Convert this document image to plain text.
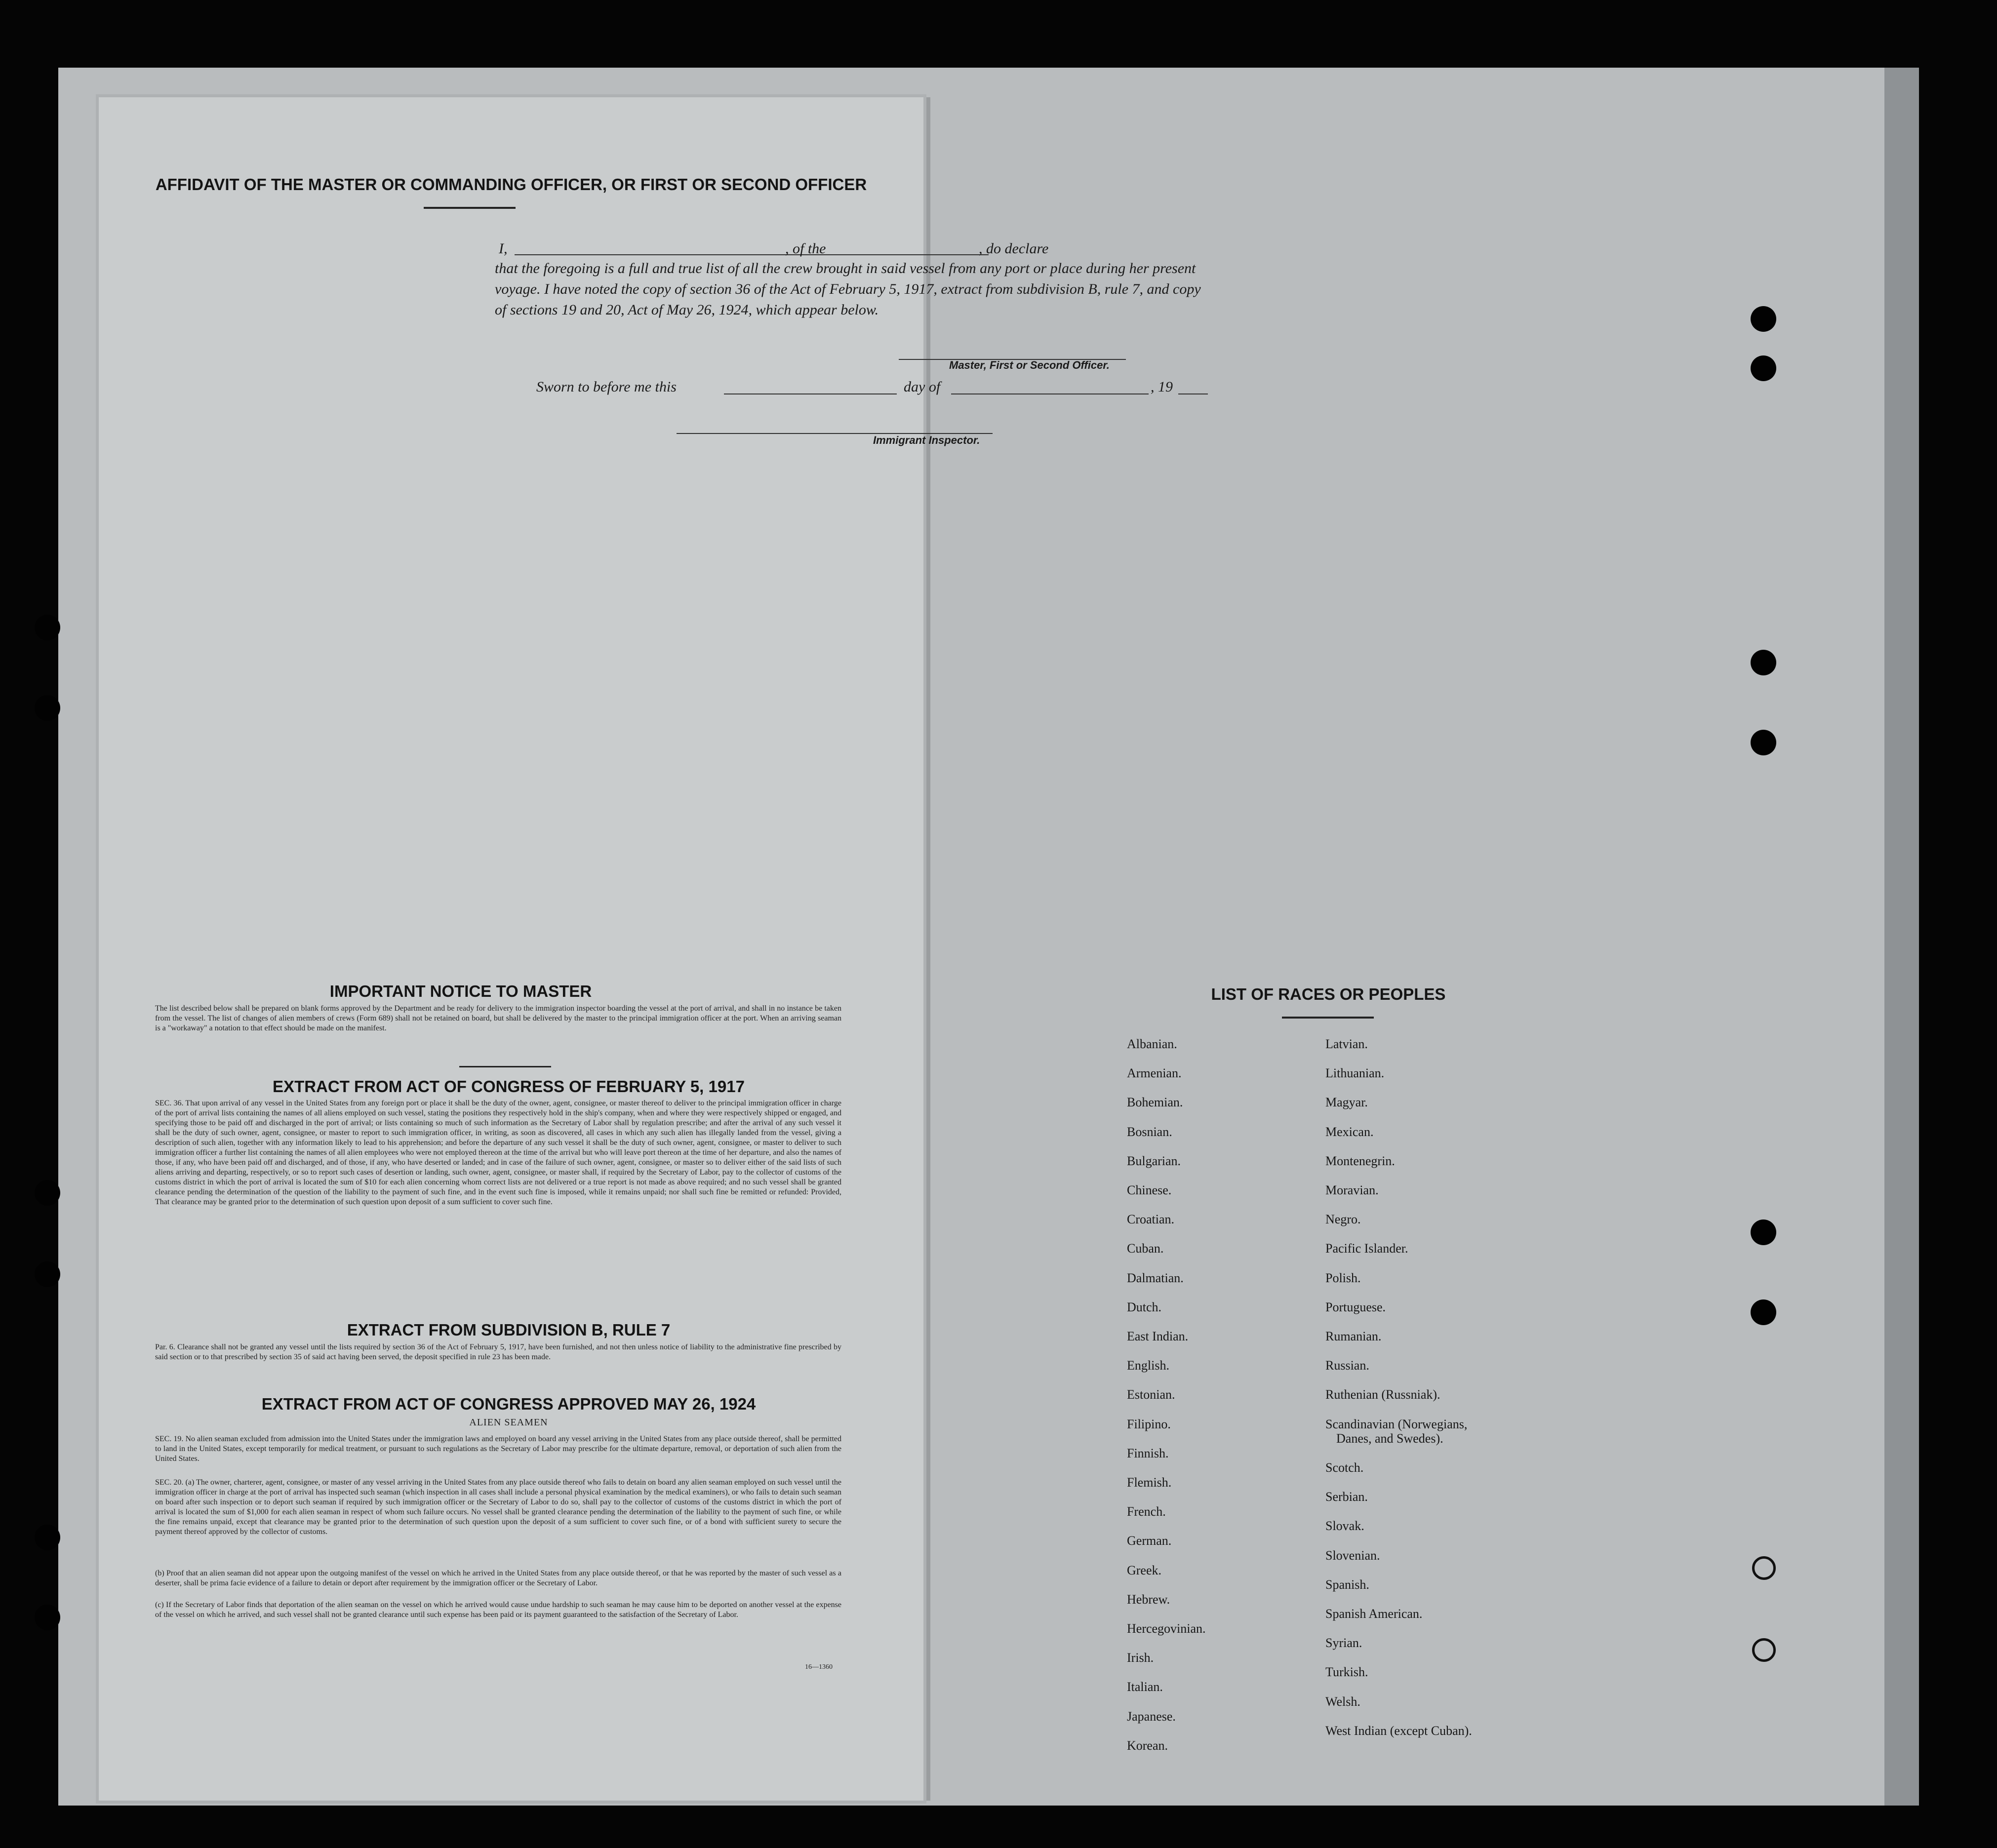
AFFIDAVIT OF THE MASTER OR COMMANDING OFFICER, OR FIRST OR SECOND OFFICER
I,	, of the	, do declare
that the foregoing is a full and true list of all the crew brought in said vessel from any port or place during her present
voyage. I have noted the copy of section 36 of the Act of February 5, 1917, extract from subdivision B, rule 7, and copy
of sections 19 and 20, Act of May 26, 1924, which appear below.
Master, First or Second Officer.
Sworn to before me this	day of	, 19
Immigrant Inspector.
IMPORTANT NOTICE TO MASTER
The list described below shall be prepared on blank forms approved by the Department and be ready for delivery to the immigration inspector boarding the vessel at the port of arrival, and shall in no instance be taken from the vessel. The list of changes of alien members of crews (Form 689) shall not be retained on board, but shall be delivered by the master to the principal immigration officer at the port. When an arriving seaman is a "workaway" a notation to that effect should be made on the manifest.
EXTRACT FROM ACT OF CONGRESS OF FEBRUARY 5, 1917
SEC. 36. That upon arrival of any vessel in the United States from any foreign port or place it shall be the duty of the owner, agent, consignee, or master thereof to deliver to the principal immigration officer in charge of the port of arrival lists containing the names of all aliens employed on such vessel, stating the positions they respectively hold in the ship's company, when and where they were respectively shipped or engaged, and specifying those to be paid off and discharged in the port of arrival; or lists containing so much of such information as the Secretary of Labor shall by regulation prescribe; and after the arrival of any such vessel it shall be the duty of such owner, agent, consignee, or master to report to such immigration officer, in writing, as soon as discovered, all cases in which any such alien has illegally landed from the vessel, giving a description of such alien, together with any information likely to lead to his apprehension; and before the departure of any such vessel it shall be the duty of such owner, agent, consignee, or master to deliver to such immigration officer a further list containing the names of all alien employees who were not employed thereon at the time of the arrival but who will leave port thereon at the time of her departure, and also the names of those, if any, who have been paid off and discharged, and of those, if any, who have deserted or landed; and in case of the failure of such owner, agent, consignee, or master so to deliver either of the said lists of such aliens arriving and departing, respectively, or so to report such cases of desertion or landing, such owner, agent, consignee, or master shall, if required by the Secretary of Labor, pay to the collector of customs of the customs district in which the port of arrival is located the sum of $10 for each alien concerning whom correct lists are not delivered or a true report is not made as above required; and no such vessel shall be granted clearance pending the determination of the question of the liability to the payment of such fine, and in the event such fine is imposed, while it remains unpaid; nor shall such fine be remitted or refunded: Provided, That clearance may be granted prior to the determination of such question upon deposit of a sum sufficient to cover such fine.
EXTRACT FROM SUBDIVISION B, RULE 7
Par. 6. Clearance shall not be granted any vessel until the lists required by section 36 of the Act of February 5, 1917, have been furnished, and not then unless notice of liability to the administrative fine prescribed by said section or to that prescribed by section 35 of said act having been served, the deposit specified in rule 23 has been made.
EXTRACT FROM ACT OF CONGRESS APPROVED MAY 26, 1924
ALIEN SEAMEN
SEC. 19. No alien seaman excluded from admission into the United States under the immigration laws and employed on board any vessel arriving in the United States from any place outside thereof, shall be permitted to land in the United States, except temporarily for medical treatment, or pursuant to such regulations as the Secretary of Labor may prescribe for the ultimate departure, removal, or deportation of such alien from the United States.
SEC. 20. (a) The owner, charterer, agent, consignee, or master of any vessel arriving in the United States from any place outside thereof who fails to detain on board any alien seaman employed on such vessel until the immigration officer in charge at the port of arrival has inspected such seaman (which inspection in all cases shall include a personal physical examination by the medical examiners), or who fails to detain such seaman on board after such inspection or to deport such seaman if required by such immigration officer or the Secretary of Labor to do so, shall pay to the collector of customs of the customs district in which the port of arrival is located the sum of $1,000 for each alien seaman in respect of whom such failure occurs. No vessel shall be granted clearance pending the determination of the liability to the payment of such fine, or while the fine remains unpaid, except that clearance may be granted prior to the determination of such question upon the deposit of a sum sufficient to cover such fine, or of a bond with sufficient surety to secure the payment thereof approved by the collector of customs.
(b) Proof that an alien seaman did not appear upon the outgoing manifest of the vessel on which he arrived in the United States from any place outside thereof, or that he was reported by the master of such vessel as a deserter, shall be prima facie evidence of a failure to detain or deport after requirement by the immigration officer or the Secretary of Labor.
(c) If the Secretary of Labor finds that deportation of the alien seaman on the vessel on which he arrived would cause undue hardship to such seaman he may cause him to be deported on another vessel at the expense of the vessel on which he arrived, and such vessel shall not be granted clearance until such expense has been paid or its payment guaranteed to the satisfaction of the Secretary of Labor.
16—1360
LIST OF RACES OR PEOPLES
Albanian.
Armenian.
Bohemian.
Bosnian.
Bulgarian.
Chinese.
Croatian.
Cuban.
Dalmatian.
Dutch.
East Indian.
English.
Estonian.
Filipino.
Finnish.
Flemish.
French.
German.
Greek.
Hebrew.
Hercegovinian.
Irish.
Italian.
Japanese.
Korean.
Latvian.
Lithuanian.
Magyar.
Mexican.
Montenegrin.
Moravian.
Negro.
Pacific Islander.
Polish.
Portuguese.
Rumanian.
Russian.
Ruthenian (Russniak).
Scandinavian (Norwegians,
Danes, and Swedes).
Scotch.
Serbian.
Slovak.
Slovenian.
Spanish.
Spanish American.
Syrian.
Turkish.
Welsh.
West Indian (except Cuban).
